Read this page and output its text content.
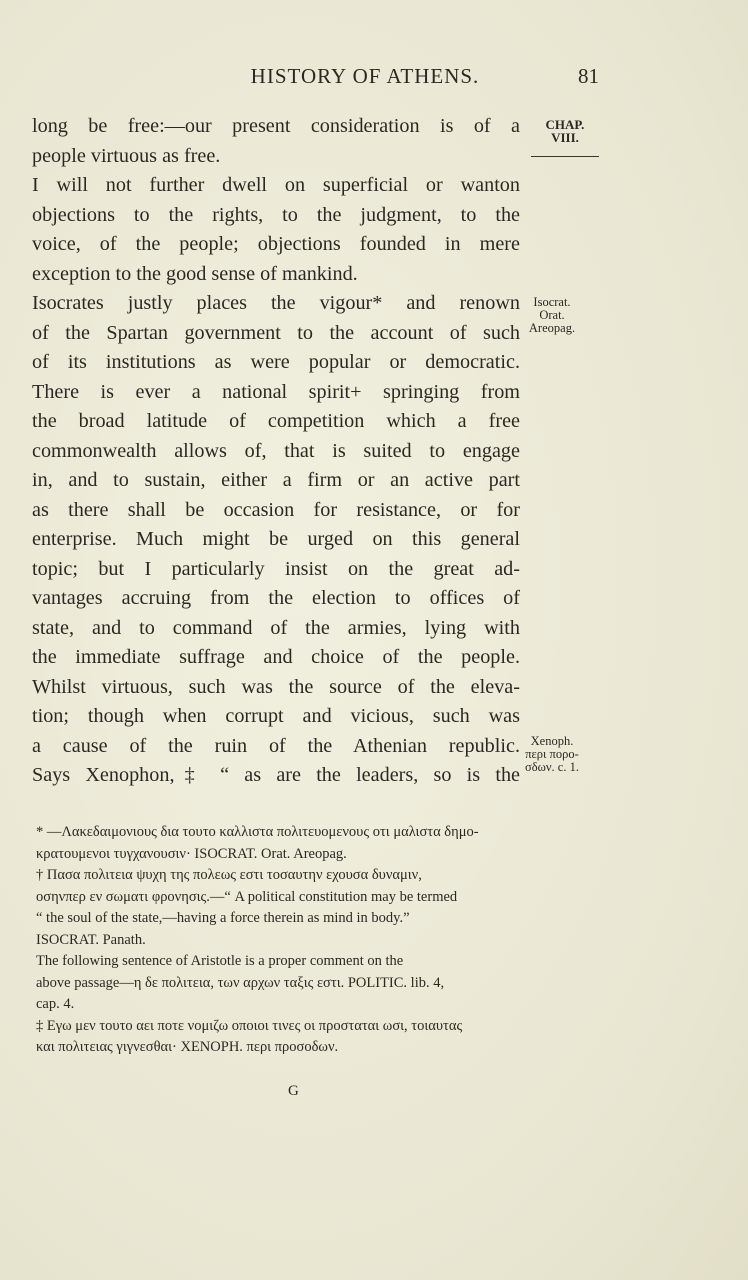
HISTORY OF ATHENS.	81
CHAP. VIII.
Isocrat. Orat. Areopag.
Xenoph. περι πορο-σδων. c. 1.
long be free:—our present consideration is of a
people virtuous as free.
I will not further dwell on superficial or wanton
objections to the rights, to the judgment, to the
voice, of the people; objections founded in mere
exception to the good sense of mankind.
Isocrates justly places the vigour* and renown
of the Spartan government to the account of such
of its institutions as were popular or democratic.
There is ever a national spirit+ springing from
the broad latitude of competition which a free
commonwealth allows of, that is suited to engage
in, and to sustain, either a firm or an active part
as there shall be occasion for resistance, or for
enterprise. Much might be urged on this general
topic; but I particularly insist on the great ad-
vantages accruing from the election to offices of
state, and to command of the armies, lying with
the immediate suffrage and choice of the people.
Whilst virtuous, such was the source of the eleva-
tion; though when corrupt and vicious, such was
a cause of the ruin of the Athenian republic.
Says Xenophon,‡ “ as are the leaders, so is the
* —Λακεδαιμονιους δια τουτο καλλιστα πολιτευομενους οτι μαλιστα δημο-
κρατουμενοι τυγχανουσιν· ISOCRAT. Orat. Areopag.
† Πασα πολιτεια ψυχη της πολεως εστι τοσαυτην εχουσα δυναμιν,
οσηνπερ εν σωματι φρονησις.—“ A political constitution may be termed
“ the soul of the state,—having a force therein as mind in body.”
ISOCRAT. Panath.
The following sentence of Aristotle is a proper comment on the
above passage—η δε πολιτεια, των αρχων ταξις εστι. POLITIC. lib. 4,
cap. 4.
‡ Εγω μεν τουτο αει ποτε νομιζω οποιοι τινες οι προσταται ωσι, τοιαυτας
και πολιτειας γιγνεσθαι· XENOPH. περι προσοδων.
G
